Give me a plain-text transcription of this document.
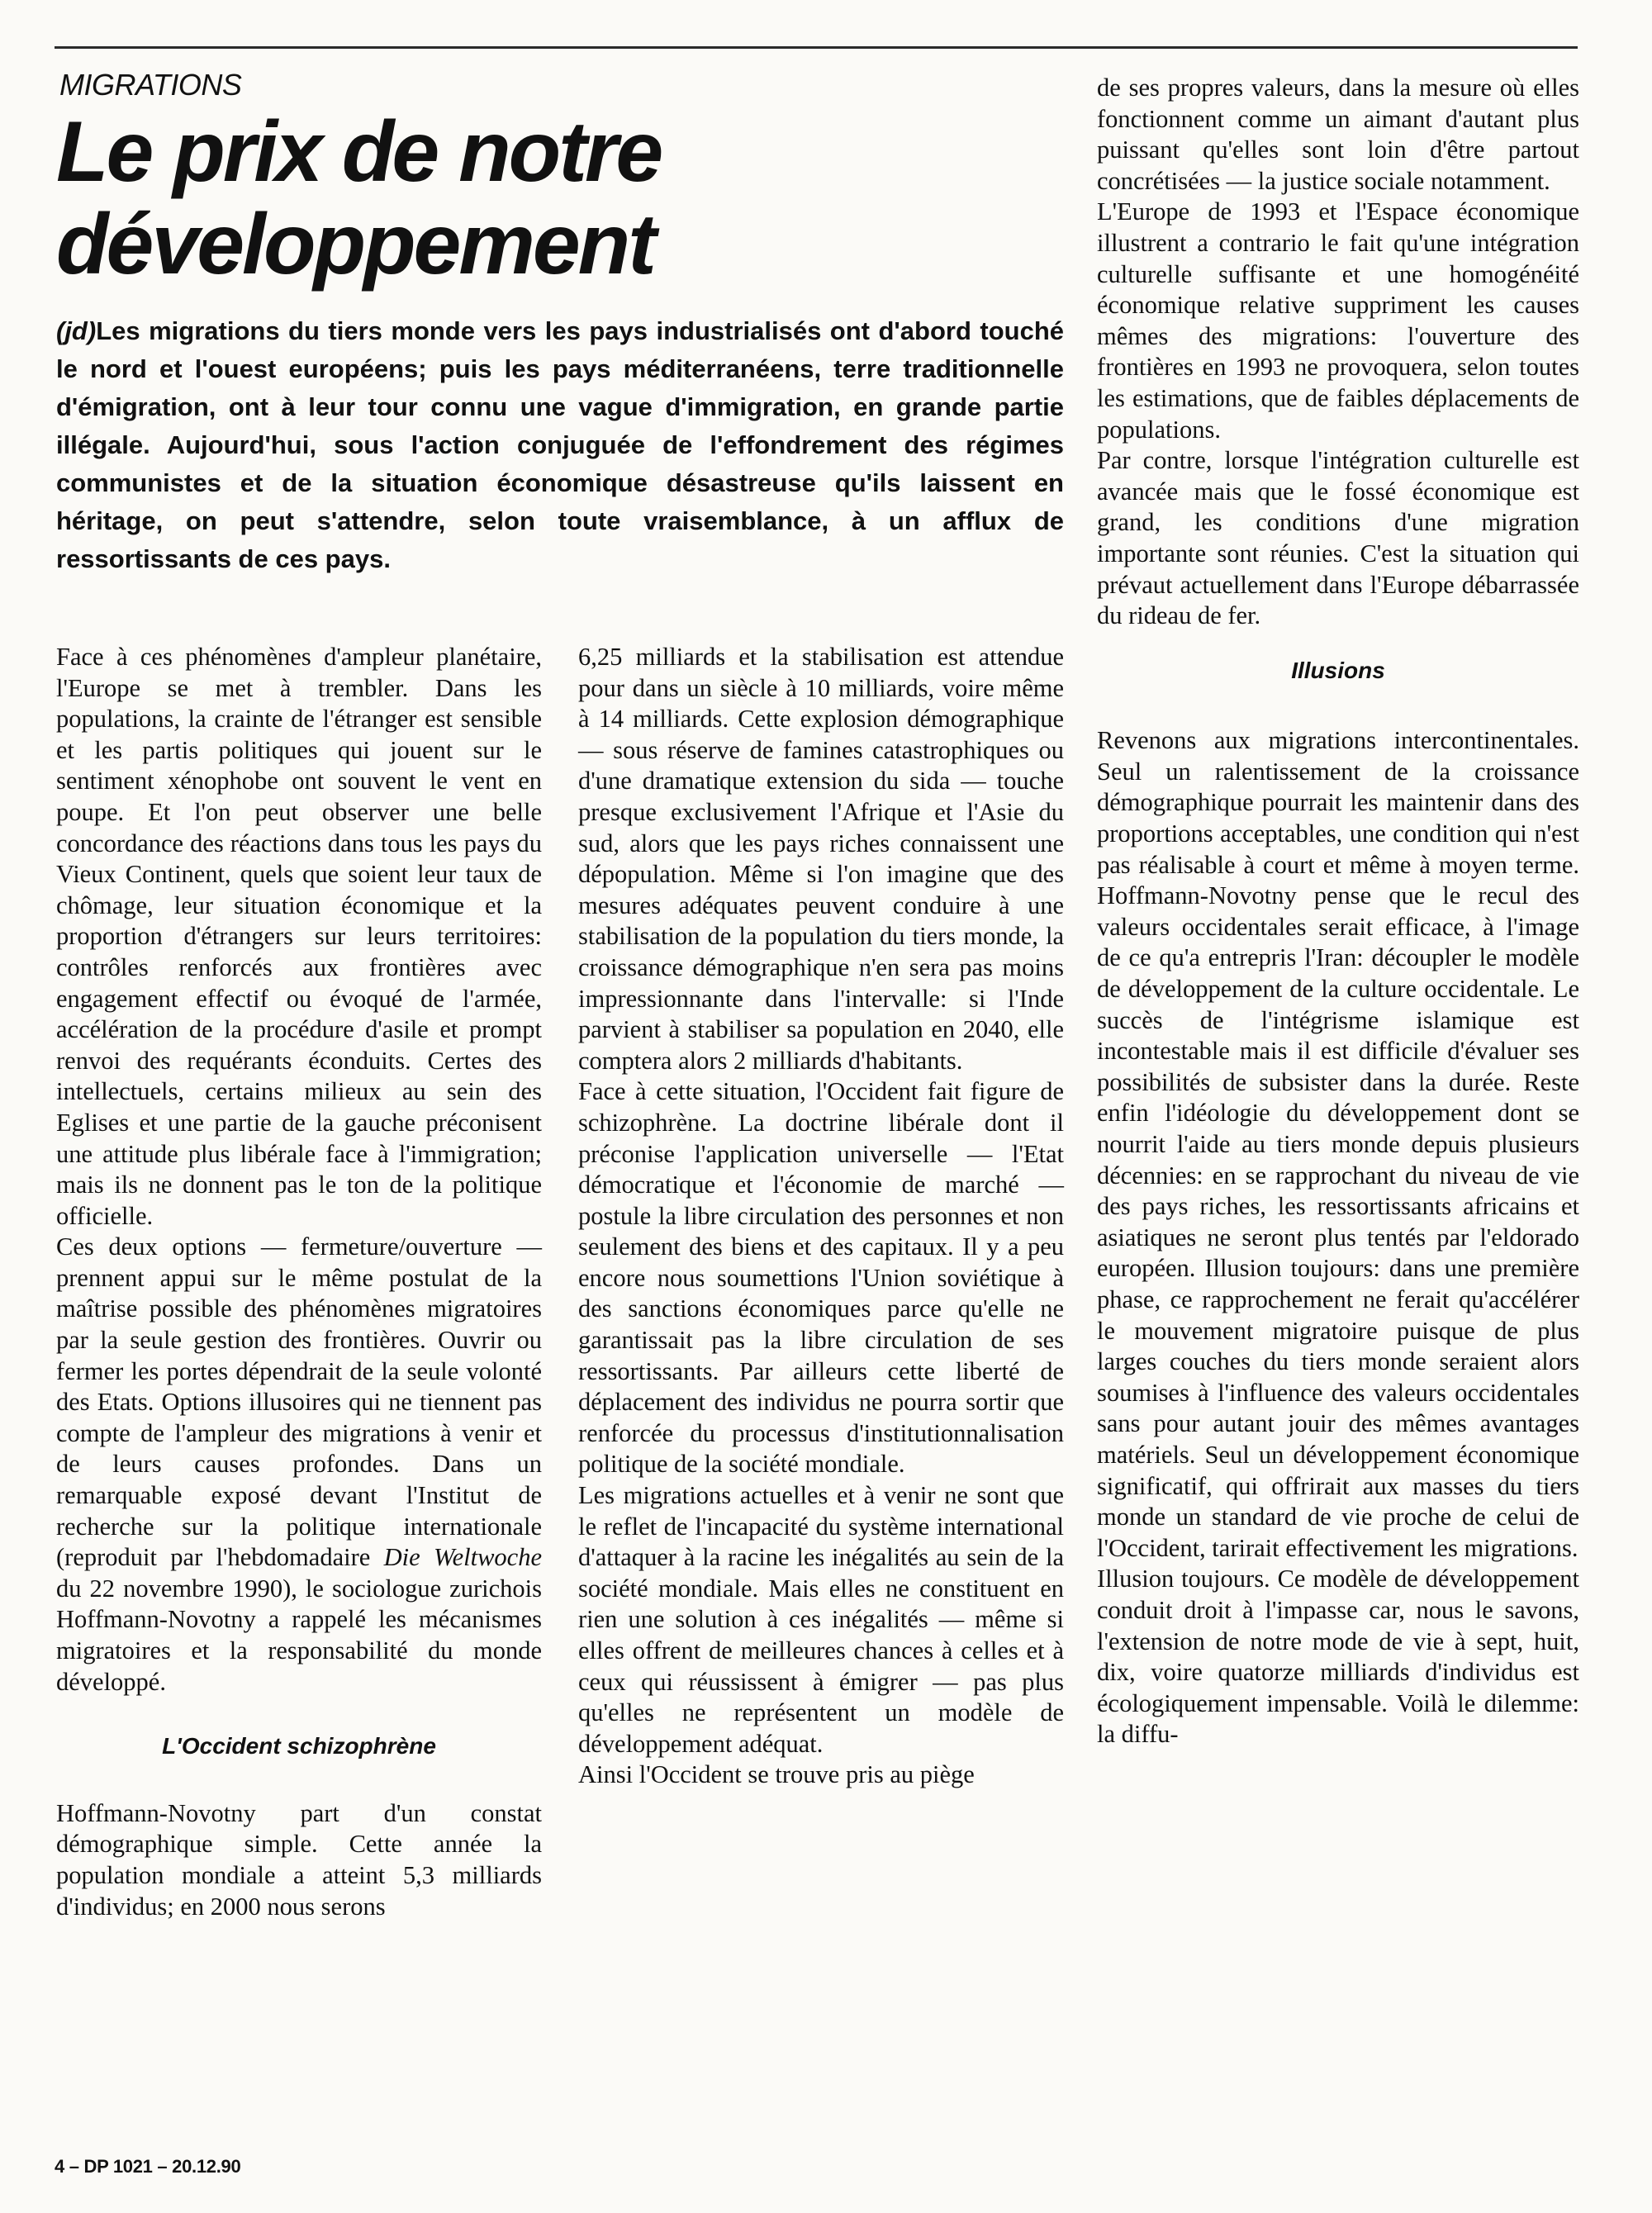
MIGRATIONS
Le prix de notre développement

(jd)Les migrations du tiers monde vers les pays industrialisés ont d'abord touché le nord et l'ouest européens; puis les pays méditerranéens, terre traditionnelle d'émigration, ont à leur tour connu une vague d'immigration, en grande partie illégale. Aujourd'hui, sous l'action conjuguée de l'effondrement des régimes communistes et de la situation économique désastreuse qu'ils laissent en héritage, on peut s'attendre, selon toute vraisemblance, à un afflux de ressortissants de ces pays.

Face à ces phénomènes d'ampleur planétaire, l'Europe se met à trembler. Dans les populations, la crainte de l'étranger est sensible et les partis politiques qui jouent sur le sentiment xénophobe ont souvent le vent en poupe. Et l'on peut observer une belle concordance des réactions dans tous les pays du Vieux Continent, quels que soient leur taux de chômage, leur situation économique et la proportion d'étrangers sur leurs territoires: contrôles renforcés aux frontières avec engagement effectif ou évoqué de l'armée, accélération de la procédure d'asile et prompt renvoi des requérants éconduits. Certes des intellectuels, certains milieux au sein des Eglises et une partie de la gauche préconisent une attitude plus libérale face à l'immigration; mais ils ne donnent pas le ton de la politique officielle.

Ces deux options — fermeture/ouverture — prennent appui sur le même postulat de la maîtrise possible des phénomènes migratoires par la seule gestion des frontières. Ouvrir ou fermer les portes dépendrait de la seule volonté des Etats. Options illusoires qui ne tiennent pas compte de l'ampleur des migrations à venir et de leurs causes profondes. Dans un remarquable exposé devant l'Institut de recherche sur la politique internationale (reproduit par l'hebdomadaire Die Weltwoche du 22 novembre 1990), le sociologue zurichois Hoffmann-Novotny a rappelé les mécanismes migratoires et la responsabilité du monde développé.

L'Occident schizophrène

Hoffmann-Novotny part d'un constat démographique simple. Cette année la population mondiale a atteint 5,3 milliards d'individus; en 2000 nous serons

6,25 milliards et la stabilisation est attendue pour dans un siècle à 10 milliards, voire même à 14 milliards. Cette explosion démographique — sous réserve de famines catastrophiques ou d'une dramatique extension du sida — touche presque exclusivement l'Afrique et l'Asie du sud, alors que les pays riches connaissent une dépopulation. Même si l'on imagine que des mesures adéquates peuvent conduire à une stabilisation de la population du tiers monde, la croissance démographique n'en sera pas moins impressionnante dans l'intervalle: si l'Inde parvient à stabiliser sa population en 2040, elle comptera alors 2 milliards d'habitants.

Face à cette situation, l'Occident fait figure de schizophrène. La doctrine libérale dont il préconise l'application universelle — l'Etat démocratique et l'économie de marché — postule la libre circulation des personnes et non seulement des biens et des capitaux. Il y a peu encore nous soumettions l'Union soviétique à des sanctions économiques parce qu'elle ne garantissait pas la libre circulation de ses ressortissants. Par ailleurs cette liberté de déplacement des individus ne pourra sortir que renforcée du processus d'institutionnalisation politique de la société mondiale.

Les migrations actuelles et à venir ne sont que le reflet de l'incapacité du système international d'attaquer à la racine les inégalités au sein de la société mondiale. Mais elles ne constituent en rien une solution à ces inégalités — même si elles offrent de meilleures chances à celles et à ceux qui réussissent à émigrer — pas plus qu'elles ne représentent un modèle de développement adéquat.

Ainsi l'Occident se trouve pris au piège

de ses propres valeurs, dans la mesure où elles fonctionnent comme un aimant d'autant plus puissant qu'elles sont loin d'être partout concrétisées — la justice sociale notamment.

L'Europe de 1993 et l'Espace économique illustrent a contrario le fait qu'une intégration culturelle suffisante et une homogénéité économique relative suppriment les causes mêmes des migrations: l'ouverture des frontières en 1993 ne provoquera, selon toutes les estimations, que de faibles déplacements de populations.

Par contre, lorsque l'intégration culturelle est avancée mais que le fossé économique est grand, les conditions d'une migration importante sont réunies. C'est la situation qui prévaut actuellement dans l'Europe débarrassée du rideau de fer.

Illusions

Revenons aux migrations intercontinentales. Seul un ralentissement de la croissance démographique pourrait les maintenir dans des proportions acceptables, une condition qui n'est pas réalisable à court et même à moyen terme. Hoffmann-Novotny pense que le recul des valeurs occidentales serait efficace, à l'image de ce qu'a entrepris l'Iran: découpler le modèle de développement de la culture occidentale. Le succès de l'intégrisme islamique est incontestable mais il est difficile d'évaluer ses possibilités de subsister dans la durée. Reste enfin l'idéologie du développement dont se nourrit l'aide au tiers monde depuis plusieurs décennies: en se rapprochant du niveau de vie des pays riches, les ressortissants africains et asiatiques ne seront plus tentés par l'eldorado européen. Illusion toujours: dans une première phase, ce rapprochement ne ferait qu'accélérer le mouvement migratoire puisque de plus larges couches du tiers monde seraient alors soumises à l'influence des valeurs occidentales sans pour autant jouir des mêmes avantages matériels. Seul un développement économique significatif, qui offrirait aux masses du tiers monde un standard de vie proche de celui de l'Occident, tarirait effectivement les migrations.

Illusion toujours. Ce modèle de développement conduit droit à l'impasse car, nous le savons, l'extension de notre mode de vie à sept, huit, dix, voire quatorze milliards d'individus est écologiquement impensable. Voilà le dilemme: la diffu-

4 – DP 1021 – 20.12.90
